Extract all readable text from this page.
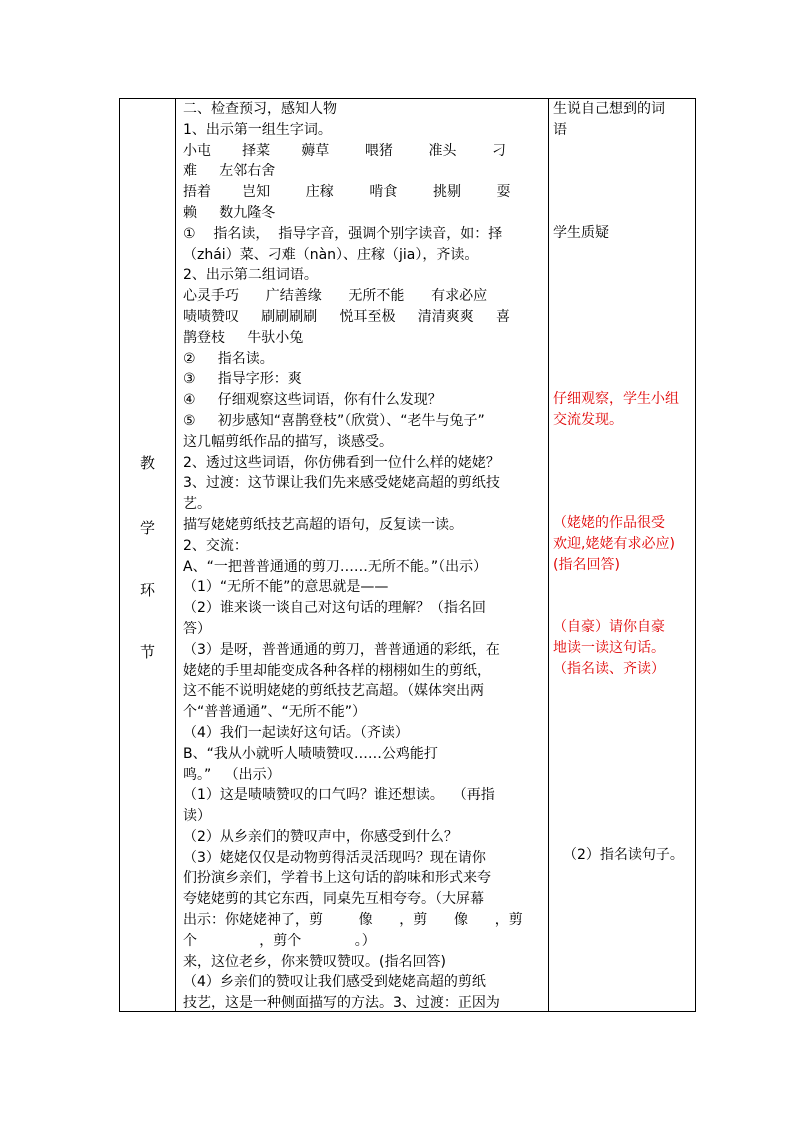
教
学
环
节
二、检查预习，感知人物
1、出示第一组生字词。
小屯       择菜       薅草        喂猪        准头        刁
难     左邻右舍
捂着       岂知        庄稼        啃食        挑剔        耍
赖     数九隆冬
①    指名读，  指导字音，强调个别字读音，如：择
（zhái）菜、刁难（nàn）、庄稼（jia），齐读。
2、出示第二组词语。
心灵手巧      广结善缘      无所不能      有求必应
啧啧赞叹     刷刷刷刷     悦耳至极     清清爽爽     喜
鹊登枝     牛驮小兔
②     指名读。
③     指导字形：爽
④     仔细观察这些词语，你有什么发现？
⑤     初步感知“喜鹊登枝”（欣赏）、“老牛与兔子”
这几幅剪纸作品的描写，谈感受。
2、透过这些词语，你仿佛看到一位什么样的姥姥？
3、过渡：这节课让我们先来感受姥姥高超的剪纸技
艺。
描写姥姥剪纸技艺高超的语句，反复读一读。
2、交流：
A、“一把普普通通的剪刀……无所不能。”（出示）
（1）“无所不能”的意思就是——
（2）谁来谈一谈自己对这句话的理解？（指名回
答）
（3）是呀，普普通通的剪刀，普普通通的彩纸，在
姥姥的手里却能变成各种各样的栩栩如生的剪纸，
这不能不说明姥姥的剪纸技艺高超。（媒体突出两
个“普普通通”、“无所不能”）
（4）我们一起读好这句话。（齐读）
B、“我从小就听人啧啧赞叹……公鸡能打
鸣。”   （出示）
（1）这是啧啧赞叹的口气吗？谁还想读。  （再指
读）
（2）从乡亲们的赞叹声中，你感受到什么？
（3）姥姥仅仅是动物剪得活灵活现吗？现在请你
们扮演乡亲们，学着书上这句话的韵味和形式来夸
夸姥姥剪的其它东西，同桌先互相夸夸。（大屏幕
出示：你姥姥神了，剪        像      ，剪      像      ，剪
个              ，剪个            。）
来，这位老乡，你来赞叹赞叹。(指名回答)
（4）乡亲们的赞叹让我们感受到姥姥高超的剪纸
技艺，这是一种侧面描写的方法。3、过渡：正因为
生说自己想到的词
语
学生质疑
仔细观察，学生小组
交流发现。
（姥姥的作品很受
欢迎,姥姥有求必应)
(指名回答)
（自豪）请你自豪
地读一读这句话。
（指名读、齐读）
（2）指名读句子。
